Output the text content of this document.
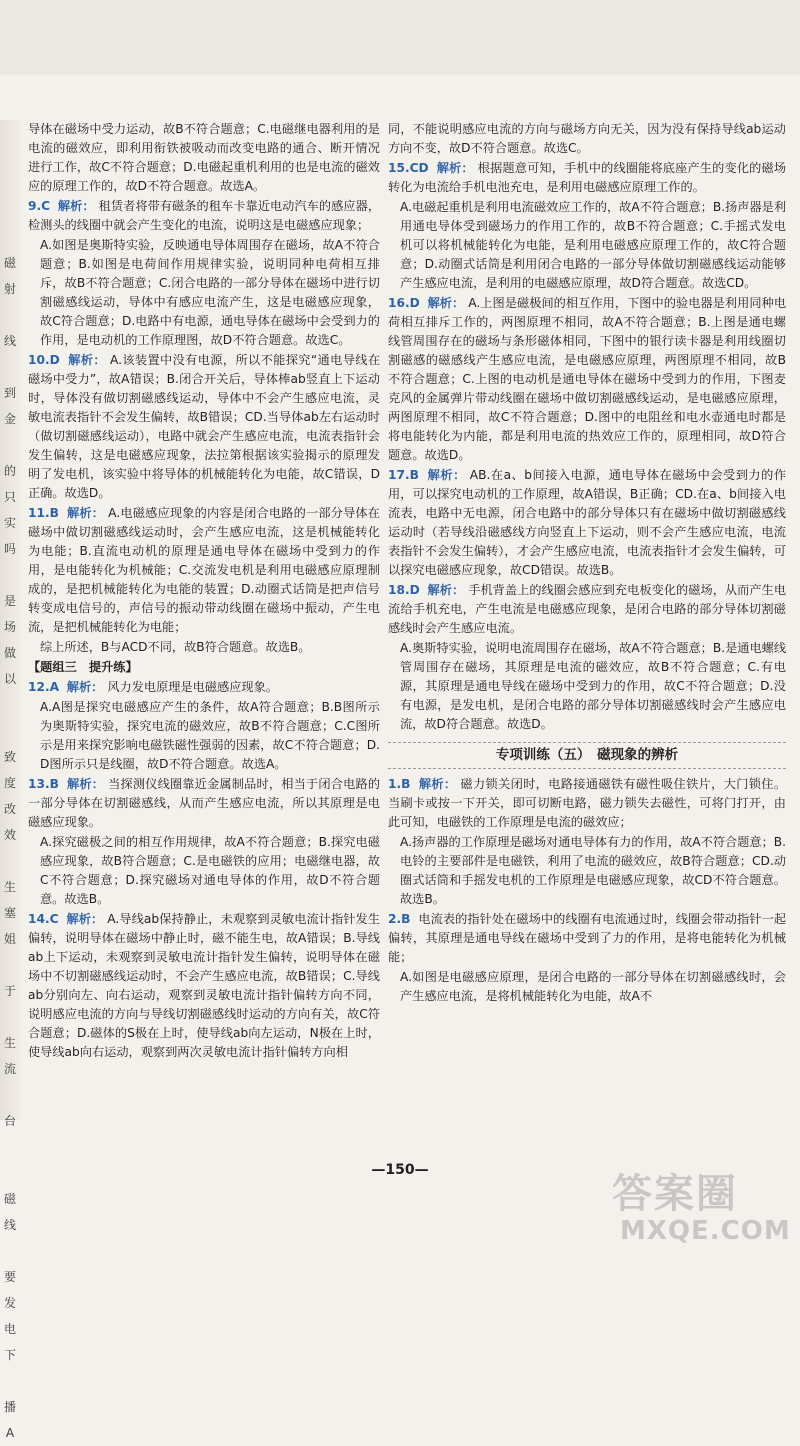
磁
射
线
到
金
的
只
实
吗
是
场
做
以
致
度
改
效
生
塞
姐
于
生
流
台
磁
线
要
发
电
下
播
A

导体在磁场中受力运动，故B不符合题意；C.电磁继电器利用的是电流的磁效应，即利用衔铁被吸动而改变电路的通合、断开情况进行工作，故C不符合题意；D.电磁起重机利用的也是电流的磁效应的原理工作的，故D不符合题意。故选A。

9.C 解析： 租赁者将带有磁条的租车卡靠近电动汽车的感应器，检测头的线圈中就会产生变化的电流，说明这是电磁感应现象；

A.如图是奥斯特实验，反映通电导体周围存在磁场，故A不符合题意；B.如图是电荷间作用规律实验，说明同种电荷相互排斥，故B不符合题意；C.闭合电路的一部分导体在磁场中进行切割磁感线运动，导体中有感应电流产生，这是电磁感应现象，故C符合题意；D.电路中有电源，通电导体在磁场中会受到力的作用，是电动机的工作原理图，故D不符合题意。故选C。

10.D 解析： A.该装置中没有电源，所以不能探究“通电导线在磁场中受力”，故A错误；B.闭合开关后，导体棒ab竖直上下运动时，导体没有做切割磁感线运动，导体中不会产生感应电流，灵敏电流表指针不会发生偏转，故B错误；CD.当导体ab左右运动时（做切割磁感线运动），电路中就会产生感应电流，电流表指针会发生偏转，这是电磁感应现象，法拉第根据该实验揭示的原理发明了发电机，该实验中将导体的机械能转化为电能，故C错误，D正确。故选D。

11.B 解析： A.电磁感应现象的内容是闭合电路的一部分导体在磁场中做切割磁感线运动时，会产生感应电流，这是机械能转化为电能；B.直流电动机的原理是通电导体在磁场中受到力的作用，是电能转化为机械能；C.交流发电机是利用电磁感应原理制成的，是把机械能转化为电能的装置；D.动圈式话筒是把声信号转变成电信号的，声信号的振动带动线圈在磁场中振动，产生电流，是把机械能转化为电能；

综上所述，B与ACD不同，故B符合题意。故选B。

【题组三　提升练】

12.A 解析： 风力发电原理是电磁感应现象。

A.A图是探究电磁感应产生的条件，故A符合题意；B.B图所示为奥斯特实验，探究电流的磁效应，故B不符合题意；C.C图所示是用来探究影响电磁铁磁性强弱的因素，故C不符合题意；D.D图所示只是线圈，故D不符合题意。故选A。

13.B 解析： 当探测仪线圈靠近金属制品时，相当于闭合电路的一部分导体在切割磁感线，从而产生感应电流，所以其原理是电磁感应现象。

A.探究磁极之间的相互作用规律，故A不符合题意；B.探究电磁感应现象，故B符合题意；C.是电磁铁的应用；电磁继电器，故C不符合题意；D.探究磁场对通电导体的作用，故D不符合题意。故选B。

14.C 解析： A.导线ab保持静止，未观察到灵敏电流计指针发生偏转，说明导体在磁场中静止时，磁不能生电，故A错误；B.导线ab上下运动，未观察到灵敏电流计指针发生偏转，说明导体在磁场中不切割磁感线运动时，不会产生感应电流，故B错误；C.导线ab分别向左、向右运动，观察到灵敏电流计指针偏转方向不同，说明感应电流的方向与导线切割磁感线时运动的方向有关，故C符合题意；D.磁体的S极在上时，使导线ab向左运动，N极在上时，使导线ab向右运动，观察到两次灵敏电流计指针偏转方向相

同，不能说明感应电流的方向与磁场方向无关，因为没有保持导线ab运动方向不变，故D不符合题意。故选C。

15.CD 解析： 根据题意可知，手机中的线圈能将底座产生的变化的磁场转化为电流给手机电池充电，是利用电磁感应原理工作的。

A.电磁起重机是利用电流磁效应工作的，故A不符合题意；B.扬声器是利用通电导体受到磁场力的作用工作的，故B不符合题意；C.手摇式发电机可以将机械能转化为电能，是利用电磁感应原理工作的，故C符合题意；D.动圈式话筒是利用闭合电路的一部分导体做切割磁感线运动能够产生感应电流，是利用的电磁感应原理，故D符合题意。故选CD。

16.D 解析： A.上图是磁极间的相互作用，下图中的验电器是利用同种电荷相互排斥工作的，两图原理不相同，故A不符合题意；B.上图是通电螺线管周围存在的磁场与条形磁体相同，下图中的银行读卡器是利用线圈切割磁感的磁感线产生感应电流，是电磁感应原理，两图原理不相同，故B不符合题意；C.上图的电动机是通电导体在磁场中受到力的作用，下图麦克风的金属弹片带动线圈在磁场中做切割磁感线运动，是电磁感应原理，两图原理不相同，故C不符合题意；D.图中的电阻丝和电水壶通电时都是将电能转化为内能，都是利用电流的热效应工作的，原理相同，故D符合题意。故选D。

17.B 解析： AB.在a、b间接入电源，通电导体在磁场中会受到力的作用，可以探究电动机的工作原理，故A错误，B正确；CD.在a、b间接入电流表，电路中无电源，闭合电路中的部分导体只有在磁场中做切割磁感线运动时（若导线沿磁感线方向竖直上下运动，则不会产生感应电流，电流表指针不会发生偏转），才会产生感应电流，电流表指针才会发生偏转，可以探究电磁感应现象，故CD错误。故选B。

18.D 解析： 手机背盖上的线圈会感应到充电板变化的磁场，从而产生电流给手机充电，产生电流是电磁感应现象，是闭合电路的部分导体切割磁感线时会产生感应电流。

A.奥斯特实验，说明电流周围存在磁场，故A不符合题意；B.是通电螺线管周围存在磁场，其原理是电流的磁效应，故B不符合题意；C.有电源，其原理是通电导线在磁场中受到力的作用，故C不符合题意；D.没有电源，是发电机，是闭合电路的部分导体切割磁感线时会产生感应电流，故D符合题意。故选D。

专项训练（五）　磁现象的辨析

1.B 解析： 磁力锁关闭时，电路接通磁铁有磁性吸住铁片，大门锁住。当刷卡或按一下开关，即可切断电路，磁力锁失去磁性，可将门打开，由此可知，电磁铁的工作原理是电流的磁效应；

A.扬声器的工作原理是磁场对通电导体有力的作用，故A不符合题意；B.电铃的主要部件是电磁铁，利用了电流的磁效应，故B符合题意；CD.动圈式话筒和手摇发电机的工作原理是电磁感应现象，故CD不符合题意。故选B。

2.B 电流表的指针处在磁场中的线圈有电流通过时，线圈会带动指针一起偏转，其原理是通电导线在磁场中受到了力的作用，是将电能转化为机械能；

A.如图是电磁感应原理，是闭合电路的一部分导体在切割磁感线时，会产生感应电流，是将机械能转化为电能，故A不

—150—	答案圈
MXQE.COM
